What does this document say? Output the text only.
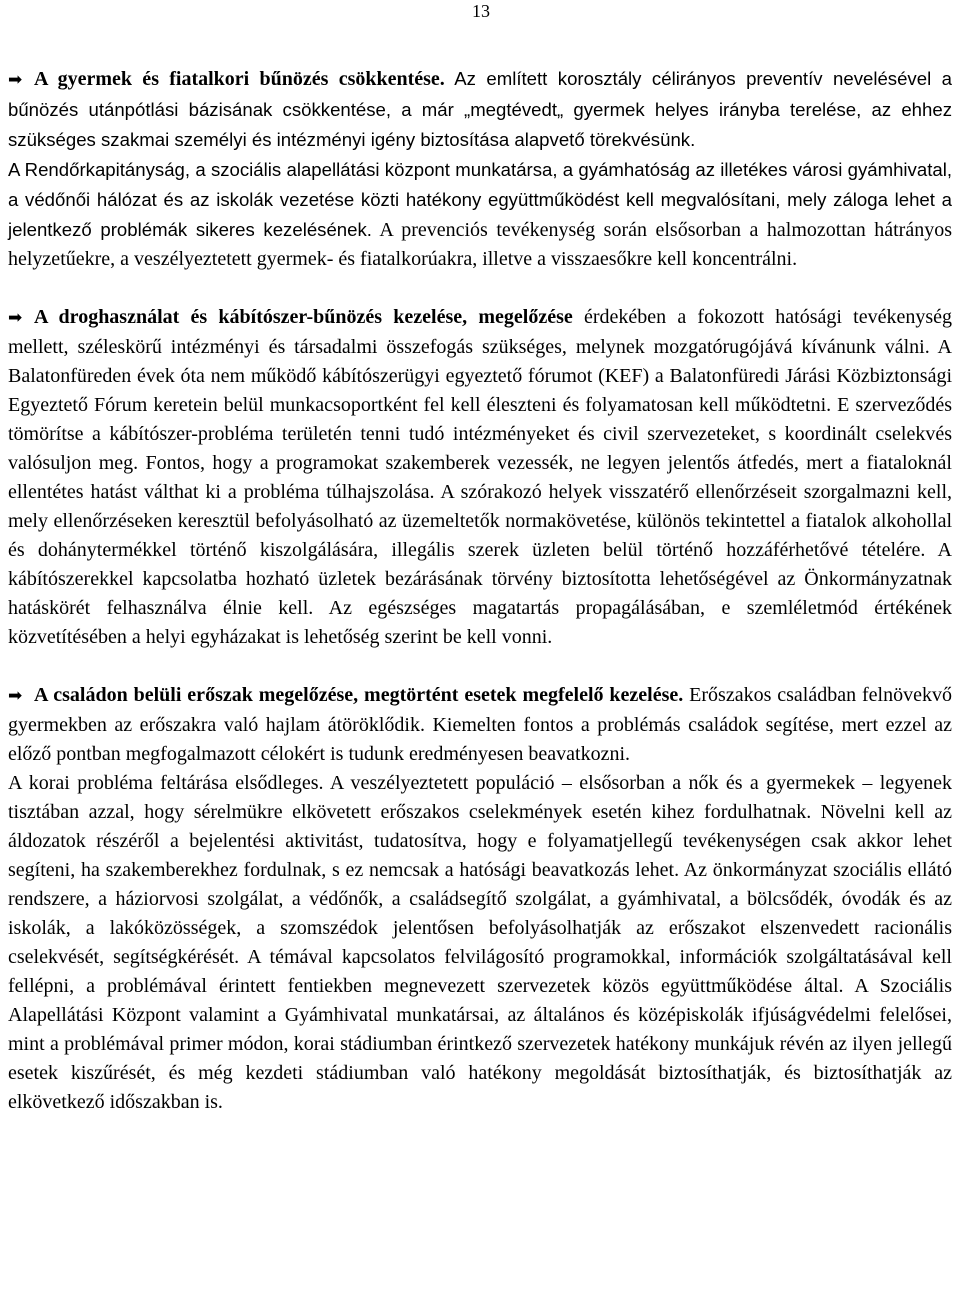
13

➡ A gyermek és fiatalkori bűnözés csökkentése. Az említett korosztály célirányos preventív nevelésével a bűnözés utánpótlási bázisának csökkentése, a már „megtévedt„ gyermek helyes irányba terelése, az ehhez szükséges szakmai személyi és intézményi igény biztosítása alapvető törekvésünk.

A Rendőrkapitányság, a szociális alapellátási központ munkatársa, a gyámhatóság az illetékes városi gyámhivatal, a védőnői hálózat és az iskolák vezetése közti hatékony együttműködést kell megvalósítani, mely záloga lehet a jelentkező problémák sikeres kezelésének. A prevenciós tevékenység során elsősorban a halmozottan hátrányos helyzetűekre, a veszélyeztetett gyermek- és fiatalkorúakra, illetve a visszaesőkre kell koncentrálni.

➡ A droghasználat és kábítószer-bűnözés kezelése, megelőzése érdekében a fokozott hatósági tevékenység mellett, széleskörű intézményi és társadalmi összefogás szükséges, melynek mozgatórugójává kívánunk válni. A Balatonfüreden évek óta nem működő kábítószerügyi egyeztető fórumot (KEF) a Balatonfüredi Járási Közbiztonsági Egyeztető Fórum keretein belül munkacsoportként fel kell éleszteni és folyamatosan kell működtetni. E szerveződés tömörítse a kábítószer-probléma területén tenni tudó intézményeket és civil szervezeteket, s koordinált cselekvés valósuljon meg. Fontos, hogy a programokat szakemberek vezessék, ne legyen jelentős átfedés, mert a fiataloknál ellentétes hatást válthat ki a probléma túlhajszolása. A szórakozó helyek visszatérő ellenőrzéseit szorgalmazni kell, mely ellenőrzéseken keresztül befolyásolható az üzemeltetők normakövetése, különös tekintettel a fiatalok alkohollal és dohánytermékkel történő kiszolgálására, illegális szerek üzleten belül történő hozzáférhetővé tételére. A kábítószerekkel kapcsolatba hozható üzletek bezárásának törvény biztosította lehetőségével az Önkormányzatnak hatáskörét felhasználva élnie kell. Az egészséges magatartás propagálásában, e szemléletmód értékének közvetítésében a helyi egyházakat is lehetőség szerint be kell vonni.

➡ A családon belüli erőszak megelőzése, megtörtént esetek megfelelő kezelése. Erőszakos családban felnövekvő gyermekben az erőszakra való hajlam átöröklődik. Kiemelten fontos a problémás családok segítése, mert ezzel az előző pontban megfogalmazott célokért is tudunk eredményesen beavatkozni.

A korai probléma feltárása elsődleges. A veszélyeztetett populáció – elsősorban a nők és a gyermekek – legyenek tisztában azzal, hogy sérelmükre elkövetett erőszakos cselekmények esetén kihez fordulhatnak. Növelni kell az áldozatok részéről a bejelentési aktivitást, tudatosítva, hogy e folyamatjellegű tevékenységen csak akkor lehet segíteni, ha szakemberekhez fordulnak, s ez nemcsak a hatósági beavatkozás lehet. Az önkormányzat szociális ellátó rendszere, a háziorvosi szolgálat, a védőnők, a családsegítő szolgálat, a gyámhivatal, a bölcsődék, óvodák és az iskolák, a lakóközösségek, a szomszédok jelentősen befolyásolhatják az erőszakot elszenvedett racionális cselekvését, segítségkérését. A témával kapcsolatos felvilágosító programokkal, információk szolgáltatásával kell fellépni, a problémával érintett fentiekben megnevezett szervezetek közös együttműködése által. A Szociális Alapellátási Központ valamint a Gyámhivatal munkatársai, az általános és középiskolák ifjúságvédelmi felelősei, mint a problémával primer módon, korai stádiumban érintkező szervezetek hatékony munkájuk révén az ilyen jellegű esetek kiszűrését, és még kezdeti stádiumban való hatékony megoldását biztosíthatják, és biztosíthatják az elkövetkező időszakban is.
